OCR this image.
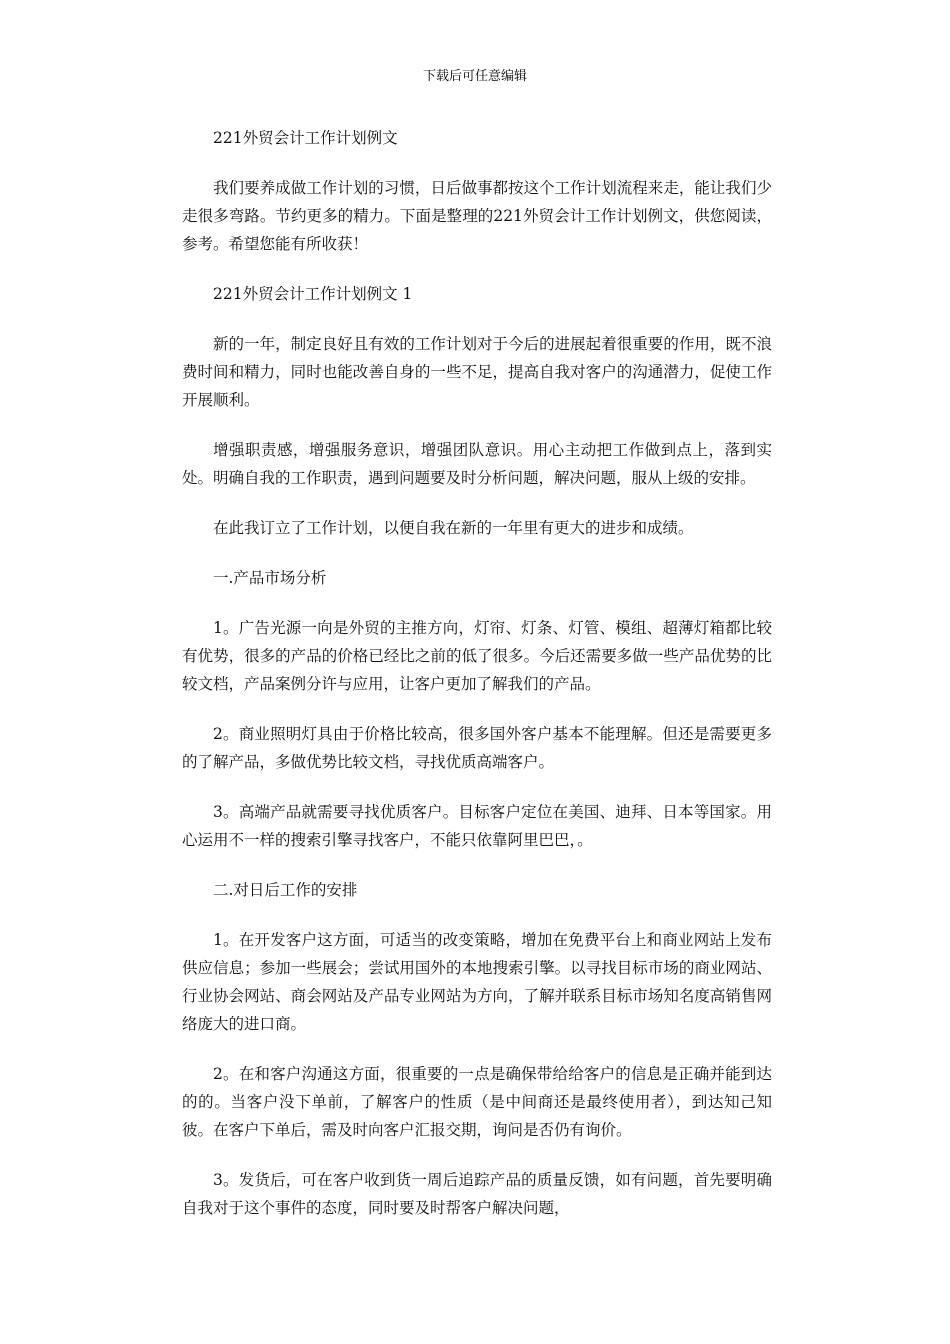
下载后可任意编辑

221外贸会计工作计划例文

我们要养成做工作计划的习惯，日后做事都按这个工作计划流程来走，能让我们少走很多弯路。节约更多的精力。下面是整理的221外贸会计工作计划例文，供您阅读，参考。希望您能有所收获！

221外贸会计工作计划例文 1

新的一年，制定良好且有效的工作计划对于今后的进展起着很重要的作用，既不浪费时间和精力，同时也能改善自身的一些不足，提高自我对客户的沟通潜力，促使工作开展顺利。

增强职责感，增强服务意识，增强团队意识。用心主动把工作做到点上，落到实处。明确自我的工作职责，遇到问题要及时分析问题，解决问题，服从上级的安排。

在此我订立了工作计划，以便自我在新的一年里有更大的进步和成绩。

一.产品市场分析

1。广告光源一向是外贸的主推方向，灯帘、灯条、灯管、模组、超薄灯箱都比较有优势，很多的产品的价格已经比之前的低了很多。今后还需要多做一些产品优势的比较文档，产品案例分许与应用，让客户更加了解我们的产品。

2。商业照明灯具由于价格比较高，很多国外客户基本不能理解。但还是需要更多的了解产品，多做优势比较文档，寻找优质高端客户。

3。高端产品就需要寻找优质客户。目标客户定位在美国、迪拜、日本等国家。用心运用不一样的搜索引擎寻找客户，不能只依靠阿里巴巴，。

二.对日后工作的安排

1。在开发客户这方面，可适当的改变策略，增加在免费平台上和商业网站上发布供应信息；参加一些展会；尝试用国外的本地搜索引擎。以寻找目标市场的商业网站、行业协会网站、商会网站及产品专业网站为方向，了解并联系目标市场知名度高销售网络庞大的进口商。

2。在和客户沟通这方面，很重要的一点是确保带给给客户的信息是正确并能到达的的。当客户没下单前，了解客户的性质（是中间商还是最终使用者），到达知己知彼。在客户下单后，需及时向客户汇报交期，询问是否仍有询价。

3。发货后，可在客户收到货一周后追踪产品的质量反馈，如有问题，首先要明确自我对于这个事件的态度，同时要及时帮客户解决问题，
